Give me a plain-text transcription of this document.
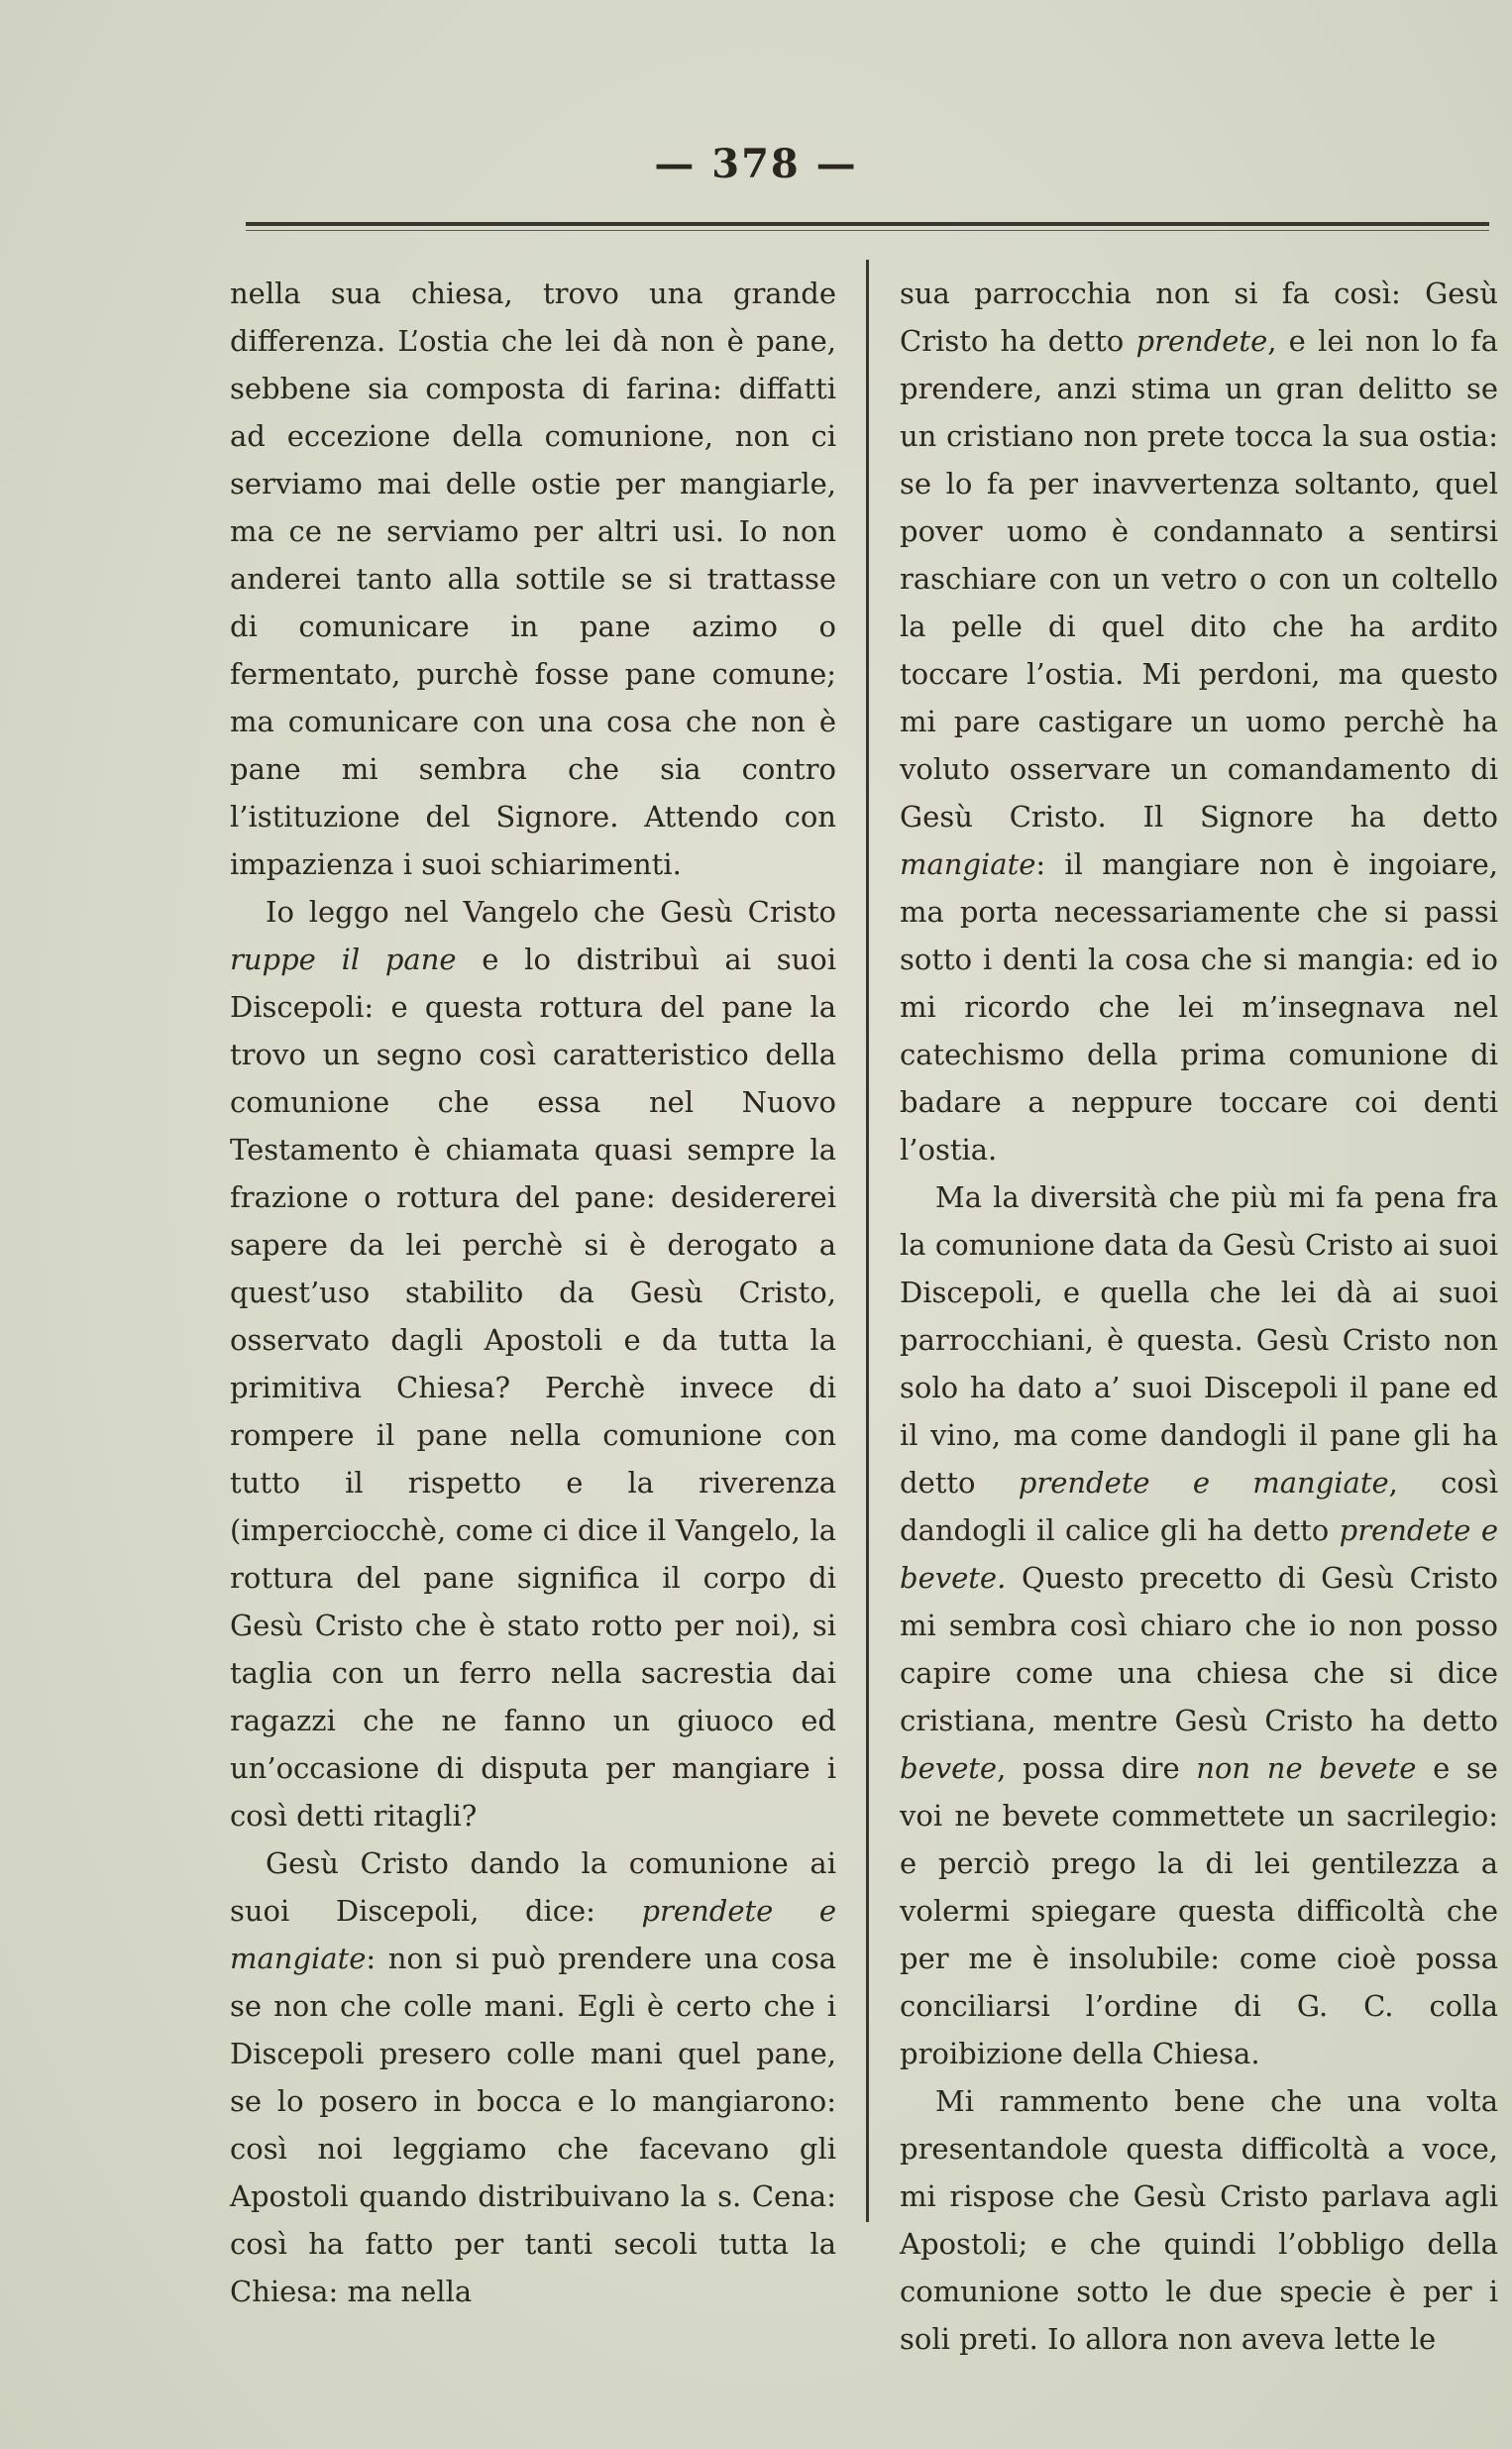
— 378 —

nella sua chiesa, trovo una grande differenza. L’ostia che lei dà non è pane, sebbene sia composta di farina: diffatti ad eccezione della comunione, non ci serviamo mai delle ostie per mangiarle, ma ce ne serviamo per altri usi. Io non anderei tanto alla sottile se si trattasse di comunicare in pane azimo o fermentato, purchè fosse pane comune; ma comunicare con una cosa che non è pane mi sembra che sia contro l’istituzione del Signore. Attendo con impazienza i suoi schiarimenti.

Io leggo nel Vangelo che Gesù Cristo ruppe il pane e lo distribuì ai suoi Discepoli: e questa rottura del pane la trovo un segno così caratteristico della comunione che essa nel Nuovo Testamento è chiamata quasi sempre la frazione o rottura del pane: desidererei sapere da lei perchè si è derogato a quest’uso stabilito da Gesù Cristo, osservato dagli Apostoli e da tutta la primitiva Chiesa? Perchè invece di rompere il pane nella comunione con tutto il rispetto e la riverenza (imperciocchè, come ci dice il Vangelo, la rottura del pane significa il corpo di Gesù Cristo che è stato rotto per noi), si taglia con un ferro nella sacrestia dai ragazzi che ne fanno un giuoco ed un’occasione di disputa per mangiare i così detti ritagli?

Gesù Cristo dando la comunione ai suoi Discepoli, dice: prendete e mangiate: non si può prendere una cosa se non che colle mani. Egli è certo che i Discepoli presero colle mani quel pane, se lo posero in bocca e lo mangiarono: così noi leggiamo che facevano gli Apostoli quando distribuivano la s. Cena: così ha fatto per tanti secoli tutta la Chiesa: ma nella

sua parrocchia non si fa così: Gesù Cristo ha detto prendete, e lei non lo fa prendere, anzi stima un gran delitto se un cristiano non prete tocca la sua ostia: se lo fa per inavvertenza soltanto, quel pover uomo è condannato a sentirsi raschiare con un vetro o con un coltello la pelle di quel dito che ha ardito toccare l’ostia. Mi perdoni, ma questo mi pare castigare un uomo perchè ha voluto osservare un comandamento di Gesù Cristo. Il Signore ha detto mangiate: il mangiare non è ingoiare, ma porta necessariamente che si passi sotto i denti la cosa che si mangia: ed io mi ricordo che lei m’insegnava nel catechismo della prima comunione di badare a neppure toccare coi denti l’ostia.

Ma la diversità che più mi fa pena fra la comunione data da Gesù Cristo ai suoi Discepoli, e quella che lei dà ai suoi parrocchiani, è questa. Gesù Cristo non solo ha dato a’ suoi Discepoli il pane ed il vino, ma come dandogli il pane gli ha detto prendete e mangiate, così dandogli il calice gli ha detto prendete e bevete. Questo precetto di Gesù Cristo mi sembra così chiaro che io non posso capire come una chiesa che si dice cristiana, mentre Gesù Cristo ha detto bevete, possa dire non ne bevete e se voi ne bevete commettete un sacrilegio: e perciò prego la di lei gentilezza a volermi spiegare questa difficoltà che per me è insolubile: come cioè possa conciliarsi l’ordine di G. C. colla proibizione della Chiesa.

Mi rammento bene che una volta presentandole questa difficoltà a voce, mi rispose che Gesù Cristo parlava agli Apostoli; e che quindi l’obbligo della comunione sotto le due specie è per i soli preti. Io allora non aveva lette le
